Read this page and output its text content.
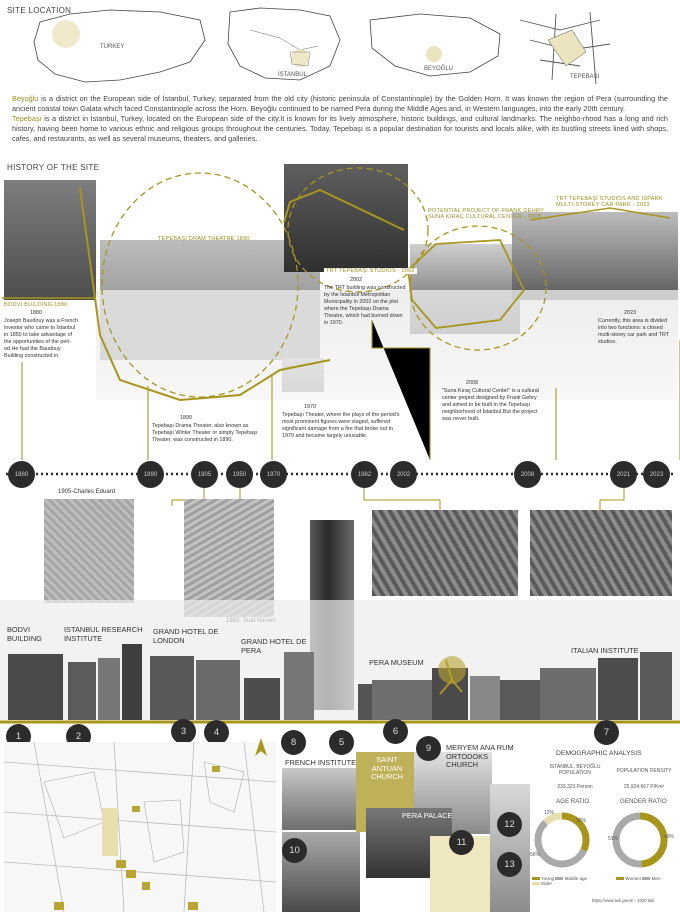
SITE LOCATION
TURKEY
İSTANBUL
BEYOĞLU
TEPEBAŞI
Beyoğlu is a district on the European side of İstanbul, Turkey, separated from the old city (historic peninsula of Constantinople) by the Golden Horn. It was known the region of Pera (surrounding the ancient coastal town Galata which faced Constantinople across the Horn. Beyoğlu continued to be named Pera during the Middle Ages and, in Western languages, into the early 20th century.
Tepebaşı is a district in İstanbul, Turkey, located on the European side of the city.It is known for its lively atmosphere, historic buildings, and cultural landmarks. The neighbo-rhood has a long and rich history, having been home to various ethnic and religious groups throughout the centuries. Today, Tepebaşı is a popular destination for tourists and locals alike, with its bustling streets lined with shops, cafes, and restaurants, as well as several museums, theaters, and galleries.
HISTORY OF THE SITE
BODVI BUILDING-1880
1880
Joseph Baudouy was a French investor who came to İstanbul in 1850 to take advantage of the opportunities of the peri-od.He had the Baudouy Building constructed in
TEPEBAŞI DRAM THEATRE 1890
1890
Tepebaşı Drama Theater, also known as Tepebaşı Winter Theater or simply Tepebaşı Theater, was constructed in 1890.
TRT TEPEBAŞI STUDIOS - 2002
2002
The TRT building was constructed by the İstanbul Metropolitan Municipality in 2002 on the plot where the Tepebaşı Drama Theatre, which had burned down in 1970.
1970
Tepebaşı Theater, where the plays of the period's most prominent figures were staged, suffered significant damage from a fire that broke out in 1970 and became largely unusable.
POTENTIAL PROJECT OF FRANK GEHRY SUNA KIRAÇ CULTURAL CENTER - 2008
2008
"Suna Kıraç Cultural Center" is a cultural center project designed by Frank Gehry and aimed to be built in the Tepebaşı neighborhood of İstanbul.But the project was never built.
TRT TEPEBAŞI STUDIOS AND ISPARK MULTI-STOREY CAR PARK - 2023
2023
Currently, this area is divided into two functions: a closed multi-storey car park and TRT studios.
1880	1890	1905	1950	1970	1982	2002	2008	2021	2023
1905-Charles Eduard
BODVI BUILDING
ISTANBUL RESEARCH INSTITUTE
GRAND HOTEL DE LONDON	GRAND HOTEL DE PERA
PERA MUSEUM
ITALIAN INSTITUTE
1	2	3	4
8	5
6	7
FRENCH INSTITUTE	SAINT ANTUAN CHURCH
MERYEM ANA RUM ORTODOKS CHURCH
PERA PALACE
9
10
11
12
13
DEMOGRAPHIC ANALYSIS
İSTANBUL, BEYOĞLU POPULATION
233,323 Person
POPULATION DENSITY
25,924.667 P/Km²
AGE RATIO	GENDER RATIO
12%
32%
56%
49%
51%
Young Middle age
Elder
Women Men
https://www.tuik.gov.tr/ - 2020 tüik
